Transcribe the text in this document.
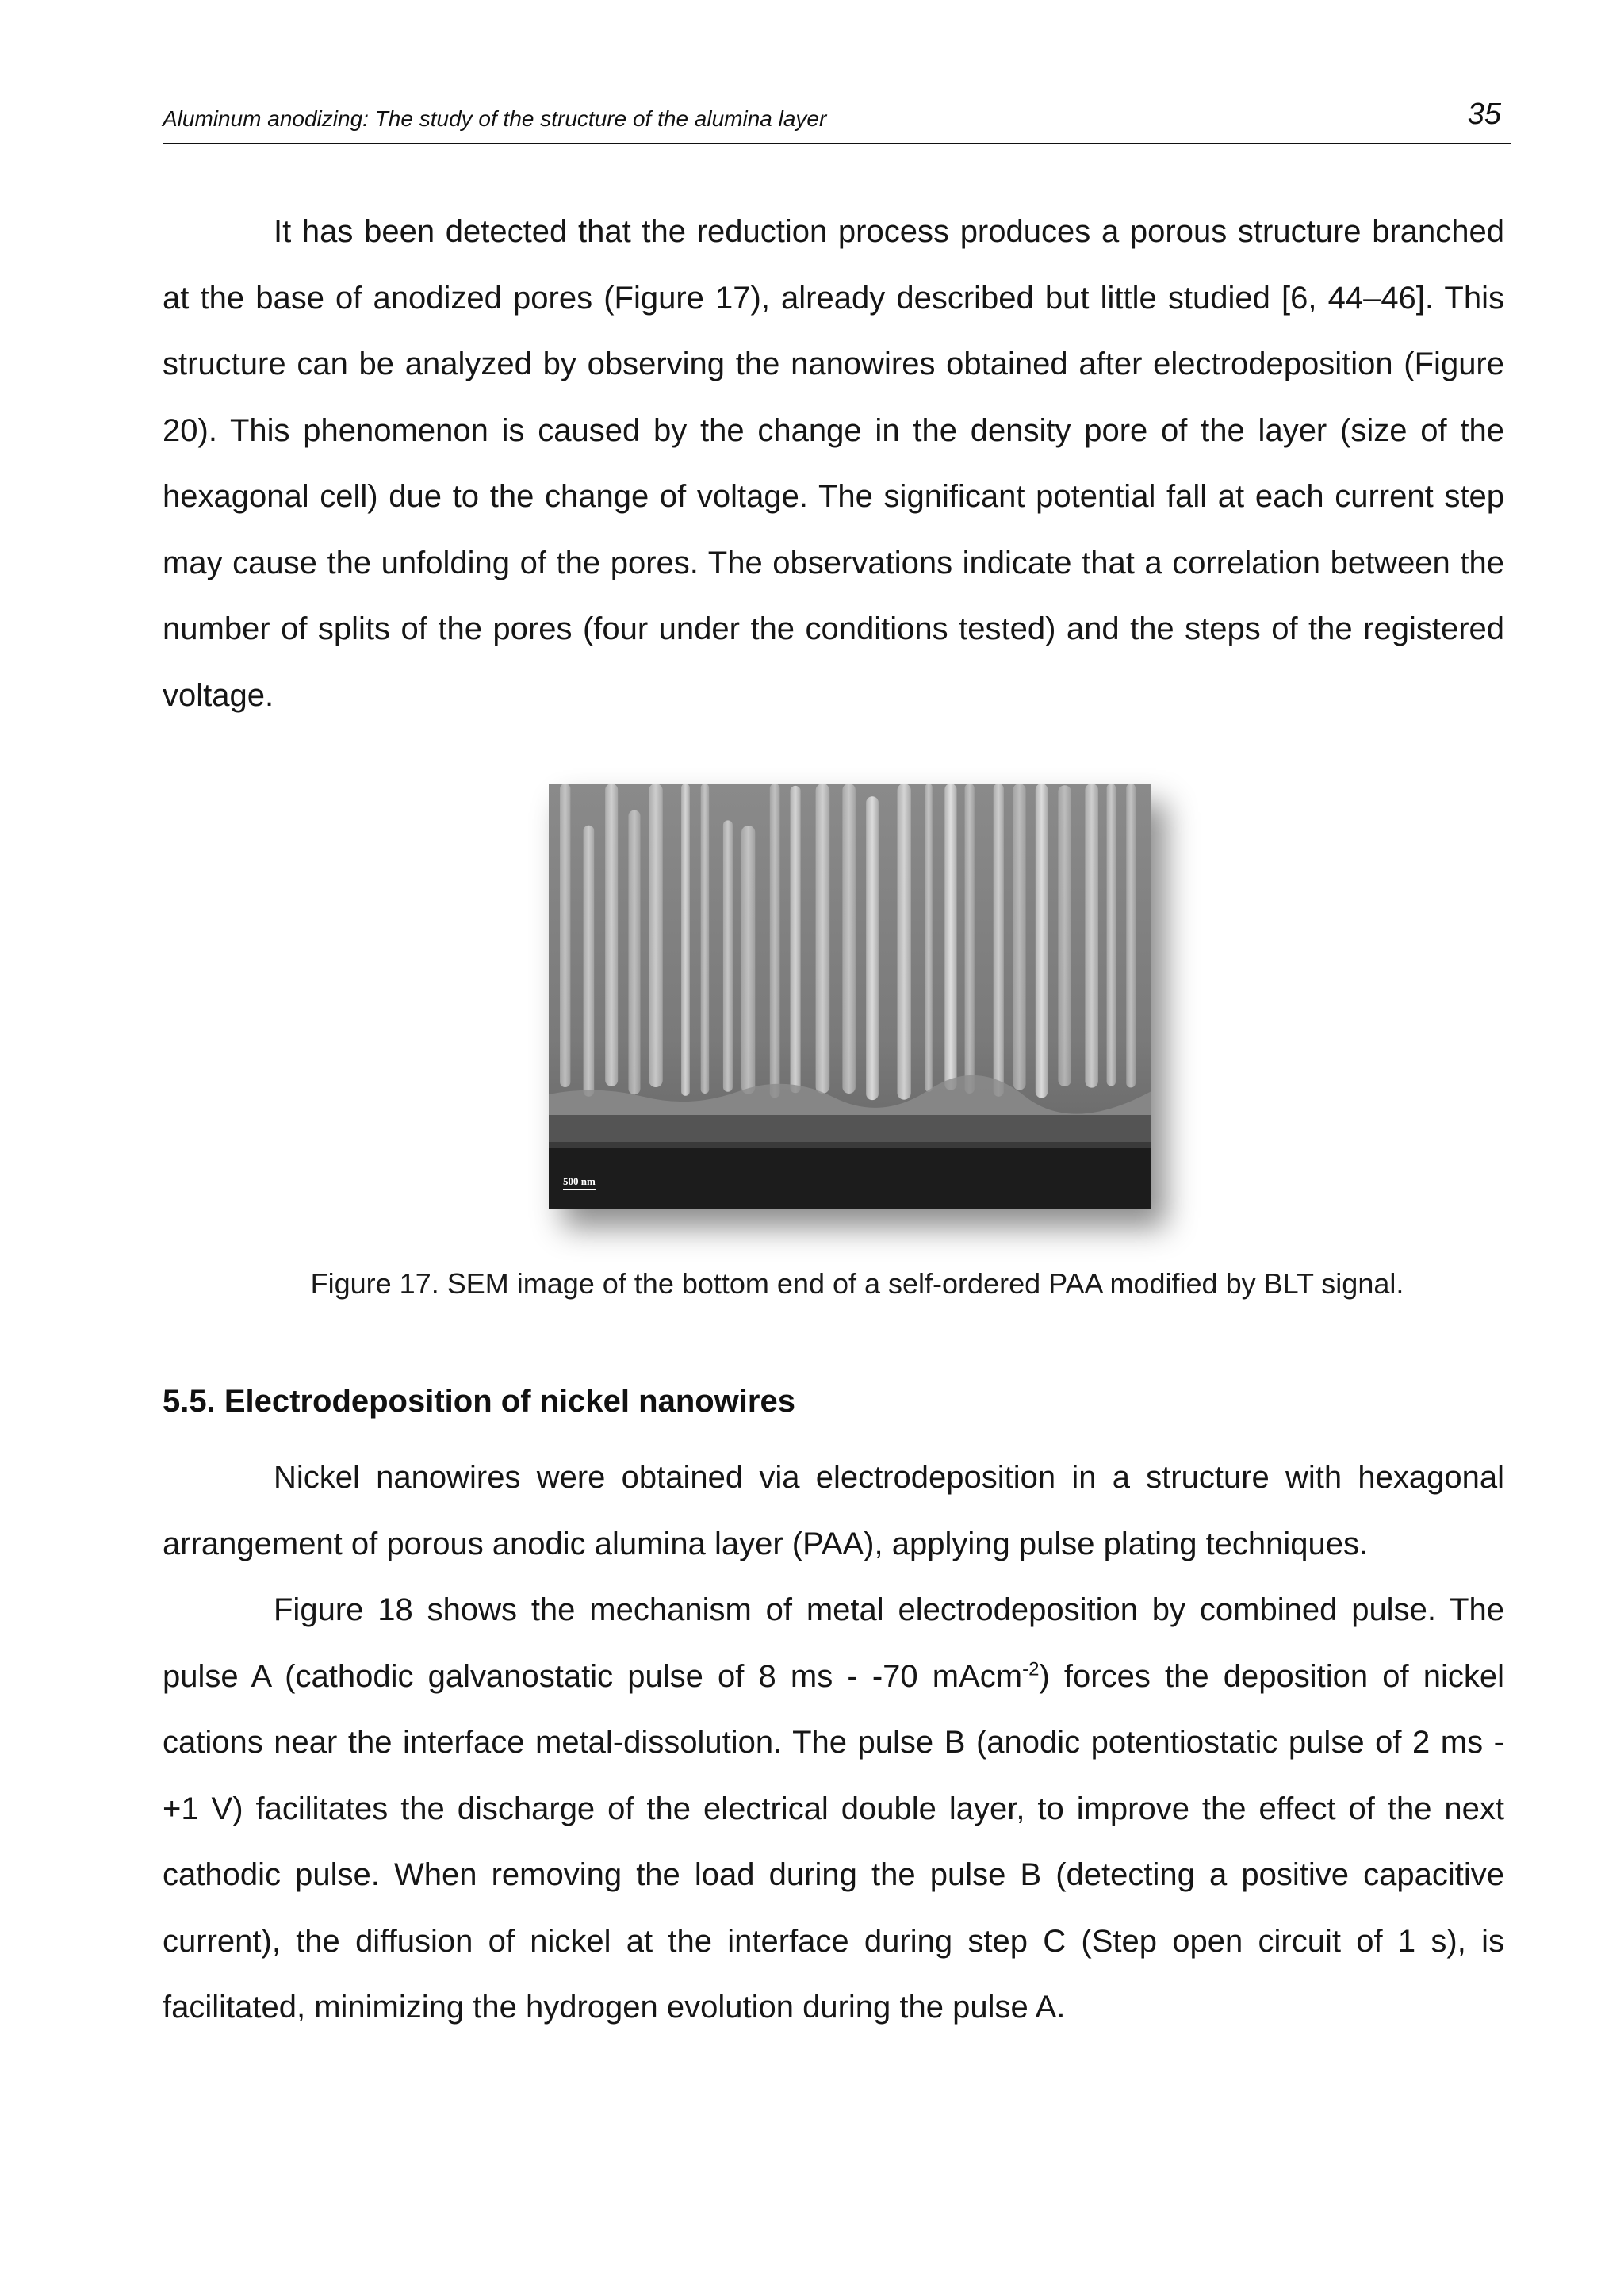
Aluminum anodizing: The study of the structure of the alumina layer	35

It has been detected that the reduction process produces a porous structure branched at the base of anodized pores (Figure 17), already described but little studied [6, 44–46]. This structure can be analyzed by observing the nanowires obtained after electrodeposition (Figure 20). This phenomenon is caused by the change in the density pore of the layer (size of the hexagonal cell) due to the change of voltage. The significant potential fall at each current step may cause the unfolding of the pores. The observations indicate that a correlation between the number of splits of the pores (four under the conditions tested) and the steps of the registered voltage.

500 nm

Figure 17. SEM image of the bottom end of a self-ordered PAA modified by BLT signal.

5.5. Electrodeposition of nickel nanowires

Nickel nanowires were obtained via electrodeposition in a structure with hexagonal arrangement of porous anodic alumina layer (PAA), applying pulse plating techniques.

Figure 18 shows the mechanism of metal electrodeposition by combined pulse. The pulse A (cathodic galvanostatic pulse of 8 ms - -70 mAcm$^{-2}$) forces the deposition of nickel cations near the interface metal-dissolution. The pulse B (anodic potentiostatic pulse of 2 ms - +1 V) facilitates the discharge of the electrical double layer, to improve the effect of the next cathodic pulse. When removing the load during the pulse B (detecting a positive capacitive current), the diffusion of nickel at the interface during step C (Step open circuit of 1 s), is facilitated, minimizing the hydrogen evolution during the pulse A.
